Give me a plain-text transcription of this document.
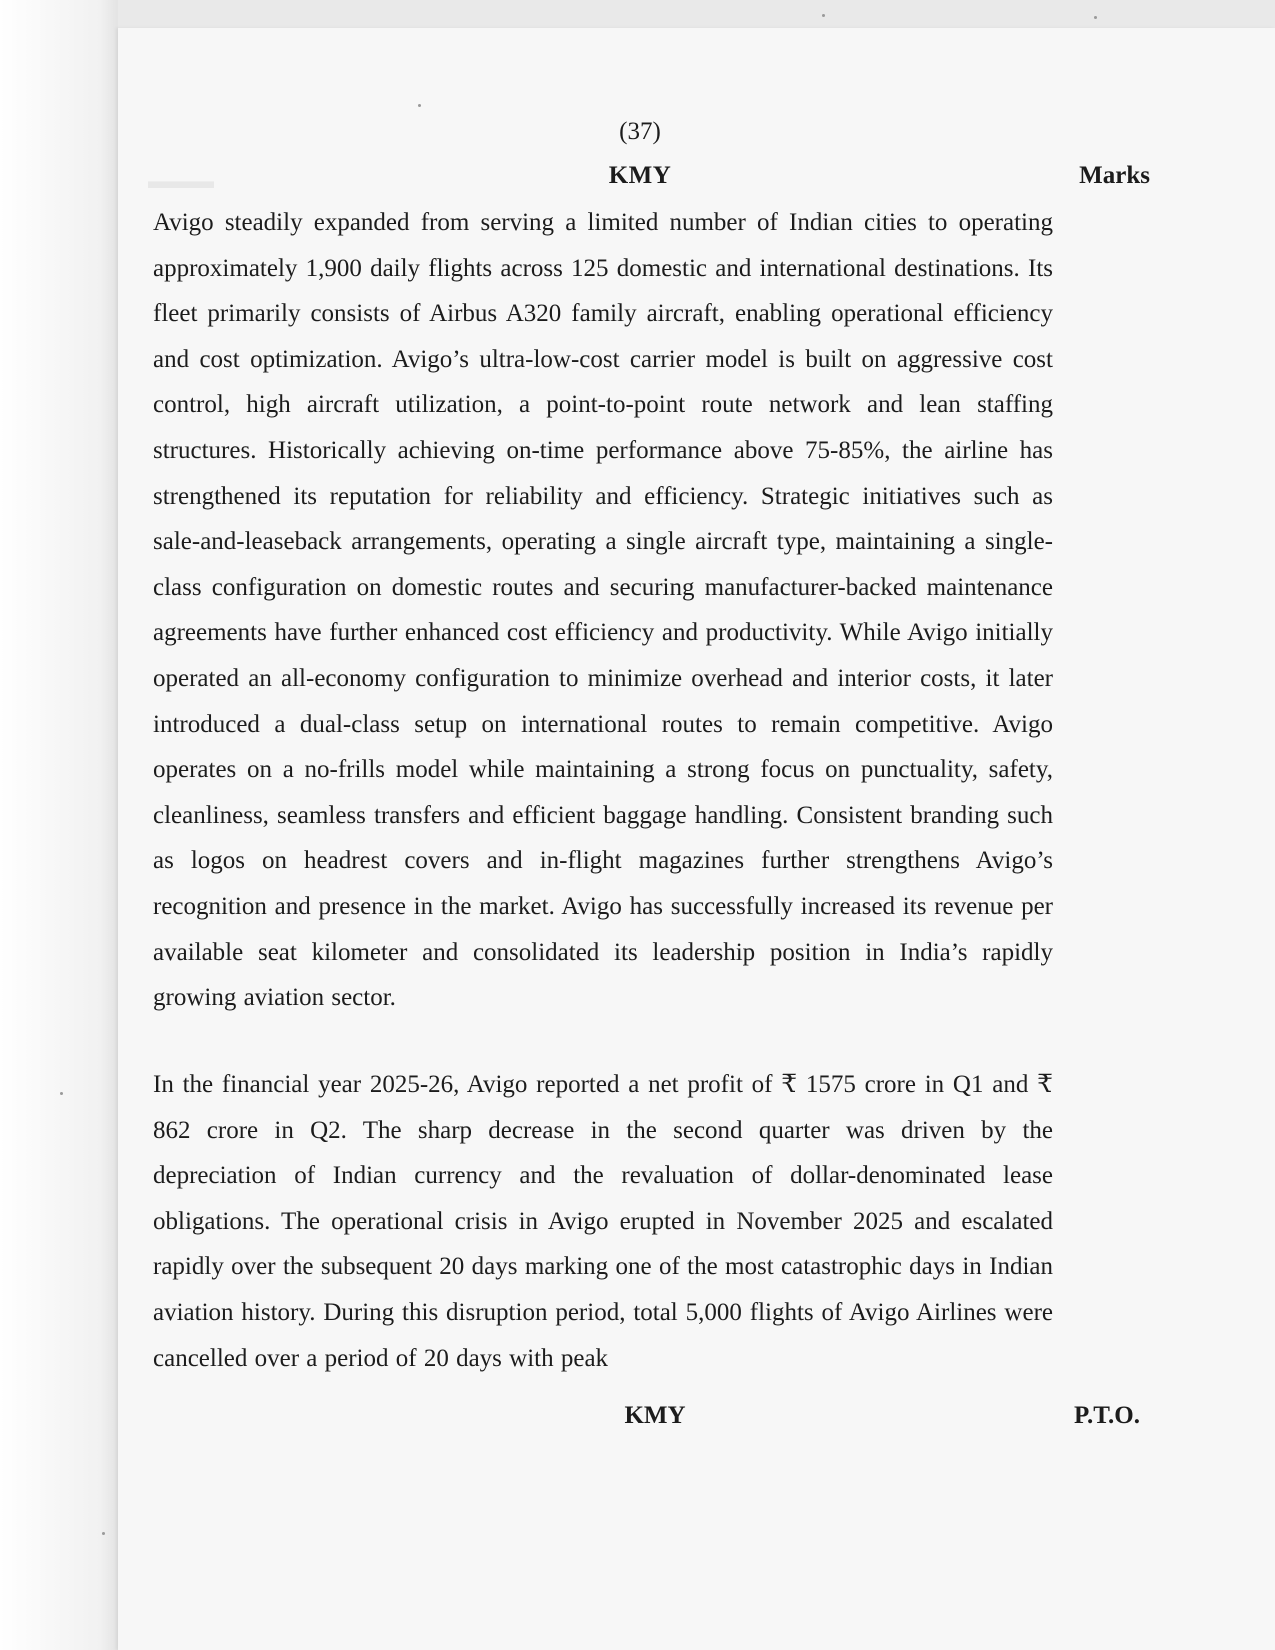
(37)

KMY	Marks

Avigo steadily expanded from serving a limited number of Indian cities to operating approximately 1,900 daily flights across 125 domestic and international destinations. Its fleet primarily consists of Airbus A320 family aircraft, enabling operational efficiency and cost optimization. Avigo’s ultra-low-cost carrier model is built on aggressive cost control, high aircraft utilization, a point-to-point route network and lean staffing structures. Historically achieving on-time performance above 75-85%, the airline has strengthened its reputation for reliability and efficiency. Strategic initiatives such as sale-and-leaseback arrangements, operating a single aircraft type, maintaining a single-class configuration on domestic routes and securing manufacturer-backed maintenance agreements have further enhanced cost efficiency and productivity. While Avigo initially operated an all-economy configuration to minimize overhead and interior costs, it later introduced a dual-class setup on international routes to remain competitive. Avigo operates on a no-frills model while maintaining a strong focus on punctuality, safety, cleanliness, seamless transfers and efficient baggage handling. Consistent branding such as logos on headrest covers and in-flight magazines further strengthens Avigo’s recognition and presence in the market. Avigo has successfully increased its revenue per available seat kilometer and consolidated its leadership position in India’s rapidly growing aviation sector.

In the financial year 2025-26, Avigo reported a net profit of ₹ 1575 crore in Q1 and ₹ 862 crore in Q2. The sharp decrease in the second quarter was driven by the depreciation of Indian currency and the revaluation of dollar-denominated lease obligations. The operational crisis in Avigo erupted in November 2025 and escalated rapidly over the subsequent 20 days marking one of the most catastrophic days in Indian aviation history. During this disruption period, total 5,000 flights of Avigo Airlines were cancelled over a period of 20 days with peak

KMY	P.T.O.
